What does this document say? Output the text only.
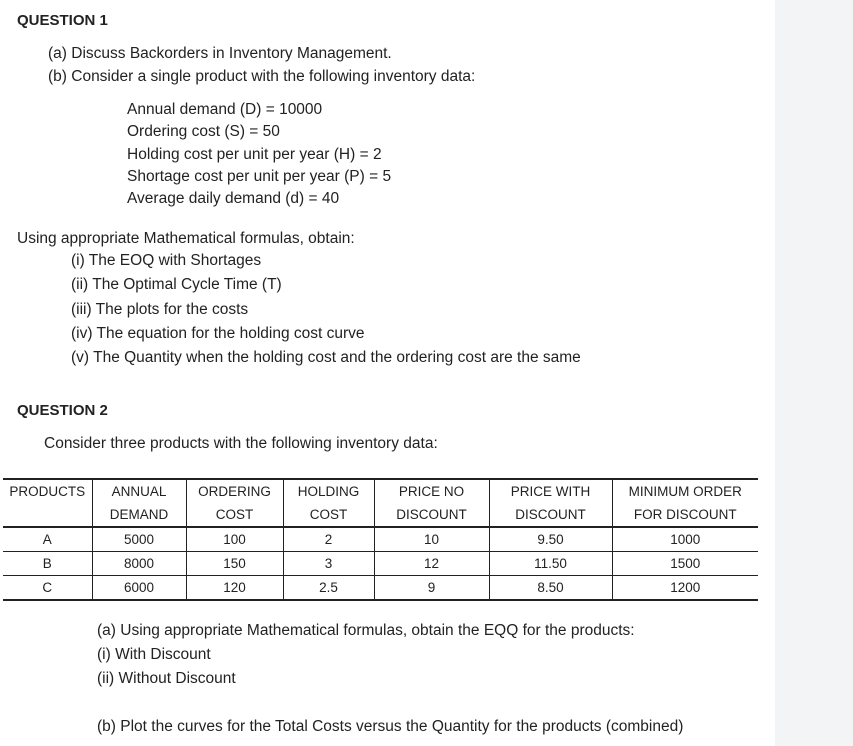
QUESTION 1
(a) Discuss Backorders in Inventory Management.
(b) Consider a single product with the following inventory data:
Annual demand (D) = 10000
Ordering cost (S) = 50
Holding cost per unit per year (H) = 2
Shortage cost per unit per year (P) = 5
Average daily demand (d) = 40
Using appropriate Mathematical formulas, obtain:
(i) The EOQ with Shortages
(ii) The Optimal Cycle Time (T)
(iii) The plots for the costs
(iv) The equation for the holding cost curve
(v) The Quantity when the holding cost and the ordering cost are the same
QUESTION 2
Consider three products with the following inventory data:
PRODUCTS	ANNUAL	ORDERING	HOLDING	PRICE NO	PRICE WITH	MINIMUM ORDER
	DEMAND	COST	COST	DISCOUNT	DISCOUNT	FOR DISCOUNT
A	5000	100	2	10	9.50	1000
B	8000	150	3	12	11.50	1500
C	6000	120	2.5	9	8.50	1200
(a) Using appropriate Mathematical formulas, obtain the EQQ for the products:
(i) With Discount
(ii) Without Discount
(b) Plot the curves for the Total Costs versus the Quantity for the products (combined)
